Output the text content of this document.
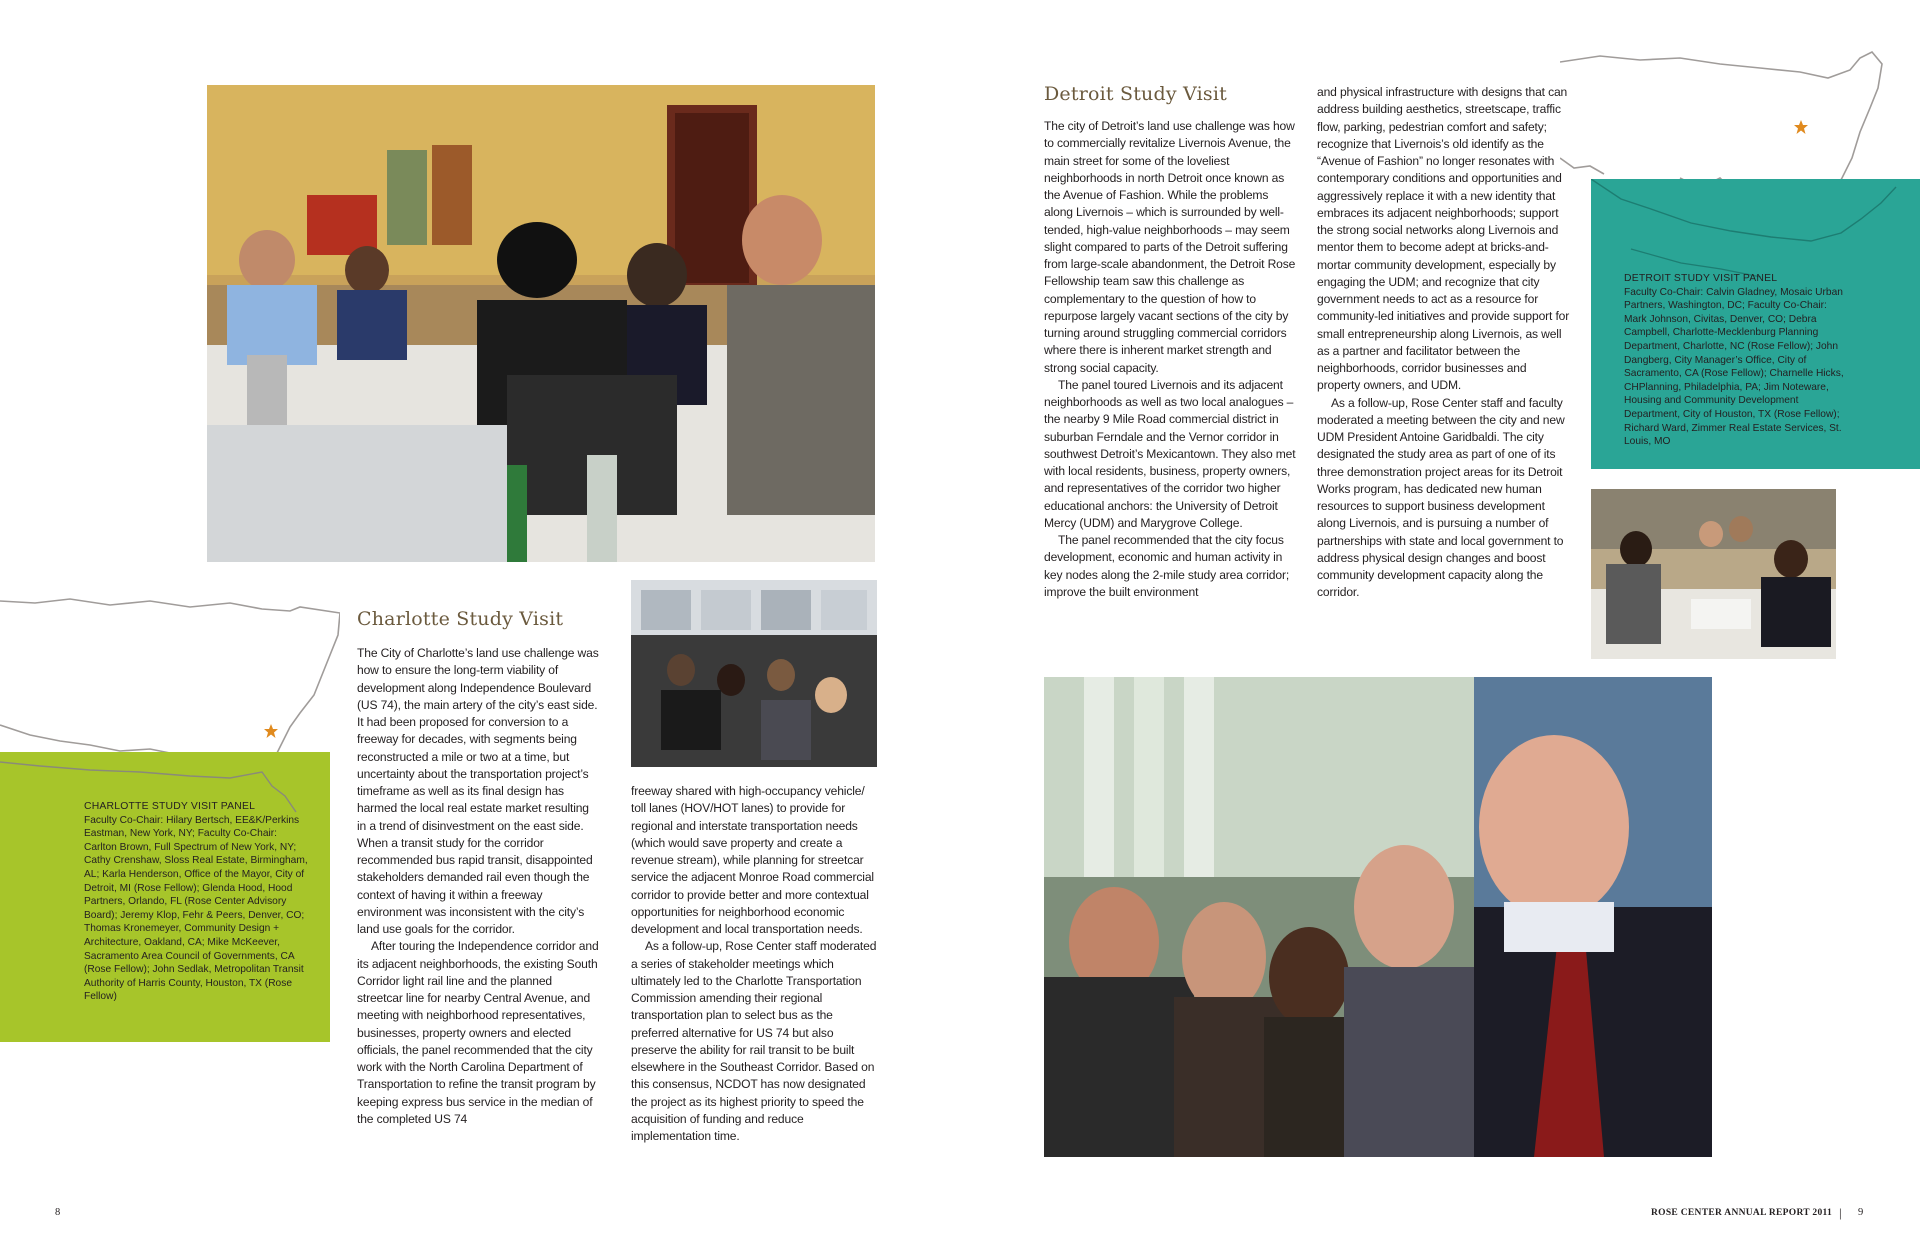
CHARLOTTE STUDY VISIT PANEL
Faculty Co-Chair: Hilary Bertsch, EE&K/Perkins Eastman, New York, NY; Faculty Co-Chair: Carlton Brown, Full Spectrum of New York, NY; Cathy Crenshaw, Sloss Real Estate, Birmingham, AL; Karla Henderson, Office of the Mayor, City of Detroit, MI (Rose Fellow); Glenda Hood, Hood Partners, Orlando, FL (Rose Center Advisory Board); Jeremy Klop, Fehr & Peers, Denver, CO; Thomas Kronemeyer, Community Design + Architecture, Oakland, CA; Mike McKeever, Sacramento Area Council of Governments, CA (Rose Fellow); John Sedlak, Metropolitan Transit Authority of Harris County, Houston, TX (Rose Fellow)
Charlotte Study Visit

The City of Charlotte’s land use challenge was how to ensure the long-term viability of development along Independence Boulevard (US 74), the main artery of the city’s east side. It had been proposed for conversion to a freeway for decades, with segments being reconstructed a mile or two at a time, but uncertainty about the transportation project’s timeframe as well as its final design has harmed the local real estate market resulting in a trend of disinvestment on the east side. When a transit study for the corridor recommended bus rapid transit, disappointed stakeholders demanded rail even though the context of having it within a freeway environment was inconsistent with the city’s land use goals for the corridor.

After touring the Independence corridor and its adjacent neighborhoods, the existing South Corridor light rail line and the planned streetcar line for nearby Central Avenue, and meeting with neighborhood representatives, businesses, property owners and elected officials, the panel recommended that the city work with the North Carolina Department of Transportation to refine the transit program by keeping express bus service in the median of the completed US 74

freeway shared with high-occupancy vehicle/ toll lanes (HOV/HOT lanes) to provide for regional and interstate transportation needs (which would save property and create a revenue stream), while planning for streetcar service the adjacent Monroe Road commercial corridor to provide better and more contextual opportunities for neighborhood economic development and local transportation needs.

As a follow-up, Rose Center staff moderated a series of stakeholder meetings which ultimately led to the Charlotte Transportation Commission amending their regional transportation plan to select bus as the preferred alternative for US 74 but also preserve the ability for rail transit to be built elsewhere in the Southeast Corridor. Based on this consensus, NCDOT has now designated the project as its highest priority to speed the acquisition of funding and reduce implementation time.

DETROIT STUDY VISIT PANEL
Faculty Co-Chair: Calvin Gladney, Mosaic Urban Partners, Washington, DC; Faculty Co-Chair: Mark Johnson, Civitas, Denver, CO; Debra Campbell, Charlotte-Mecklenburg Planning Department, Charlotte, NC (Rose Fellow); John Dangberg, City Manager’s Office, City of Sacramento, CA (Rose Fellow); Charnelle Hicks, CHPlanning, Philadelphia, PA; Jim Noteware, Housing and Community Development Department, City of Houston, TX (Rose Fellow); Richard Ward, Zimmer Real Estate Services, St. Louis, MO
Detroit Study Visit

The city of Detroit’s land use challenge was how to commercially revitalize Livernois Avenue, the main street for some of the loveliest neighborhoods in north Detroit once known as the Avenue of Fashion. While the problems along Livernois – which is surrounded by well-tended, high-value neighborhoods – may seem slight compared to parts of the Detroit suffering from large-scale abandonment, the Detroit Rose Fellowship team saw this challenge as complementary to the question of how to repurpose largely vacant sections of the city by turning around struggling commercial corridors where there is inherent market strength and strong social capacity.

The panel toured Livernois and its adjacent neighborhoods as well as two local analogues – the nearby 9 Mile Road commercial district in suburban Ferndale and the Vernor corridor in southwest Detroit’s Mexicantown. They also met with local residents, business, property owners, and representatives of the corridor two higher educational anchors: the University of Detroit Mercy (UDM) and Marygrove College.

The panel recommended that the city focus development, economic and human activity in key nodes along the 2-mile study area corridor; improve the built environment

and physical infrastructure with designs that can address building aesthetics, streetscape, traffic flow, parking, pedestrian comfort and safety; recognize that Livernois’s old identify as the “Avenue of Fashion” no longer resonates with contemporary conditions and opportunities and aggressively replace it with a new identity that embraces its adjacent neighborhoods; support the strong social networks along Livernois and mentor them to become adept at bricks-and-mortar community development, especially by engaging the UDM; and recognize that city government needs to act as a resource for community-led initiatives and provide support for small entrepreneurship along Livernois, as well as a partner and facilitator between the neighborhoods, corridor businesses and property owners, and UDM.

As a follow-up, Rose Center staff and faculty moderated a meeting between the city and new UDM President Antoine Garidbaldi. The city designated the study area as part of one of its three demonstration project areas for its Detroit Works program, has dedicated new human resources to support business development along Livernois, and is pursuing a number of partnerships with state and local government to address physical design changes and boost community development capacity along the corridor.

8	ROSE CENTER ANNUAL REPORT 2011 | 9
